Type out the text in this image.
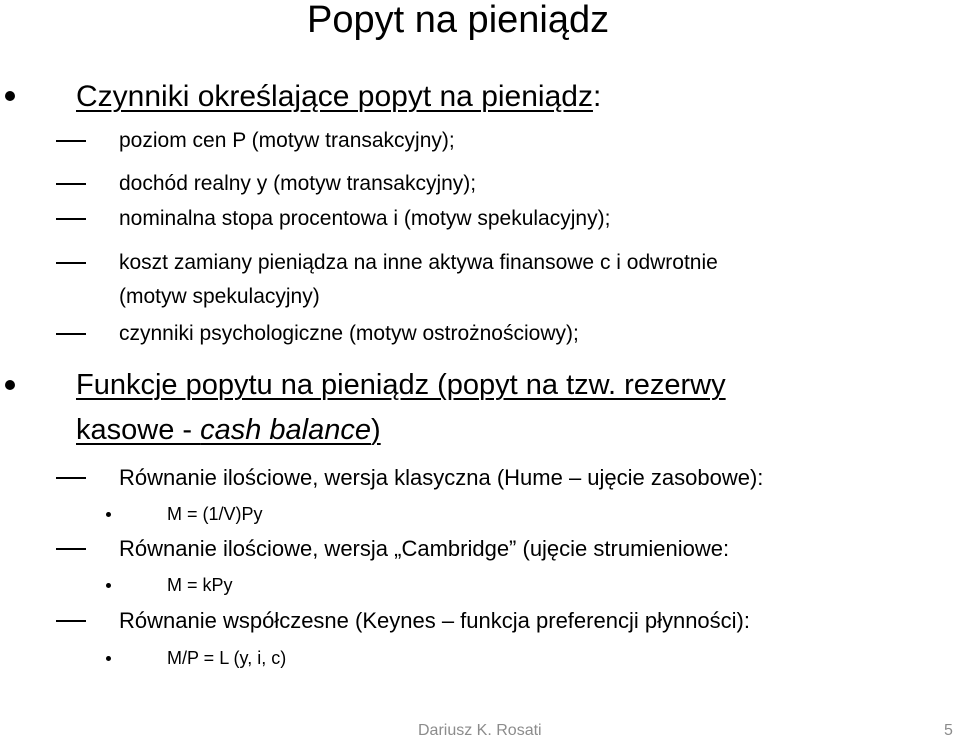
Popyt na pieniądz
Czynniki określające popyt na pieniądz:
poziom cen P (motyw transakcyjny);
dochód realny y (motyw transakcyjny);
nominalna stopa procentowa i (motyw spekulacyjny);
koszt zamiany pieniądza na inne aktywa finansowe c i odwrotnie
(motyw spekulacyjny)
czynniki psychologiczne (motyw ostrożnościowy);
Funkcje popytu na pieniądz (popyt na tzw. rezerwy
kasowe - cash balance)
Równanie ilościowe, wersja klasyczna (Hume – ujęcie zasobowe):
M = (1/V)Py
Równanie ilościowe, wersja „Cambridge” (ujęcie strumieniowe:
M = kPy
Równanie współczesne (Keynes – funkcja preferencji płynności):
M/P = L (y, i, c)
Dariusz K. Rosati	5
